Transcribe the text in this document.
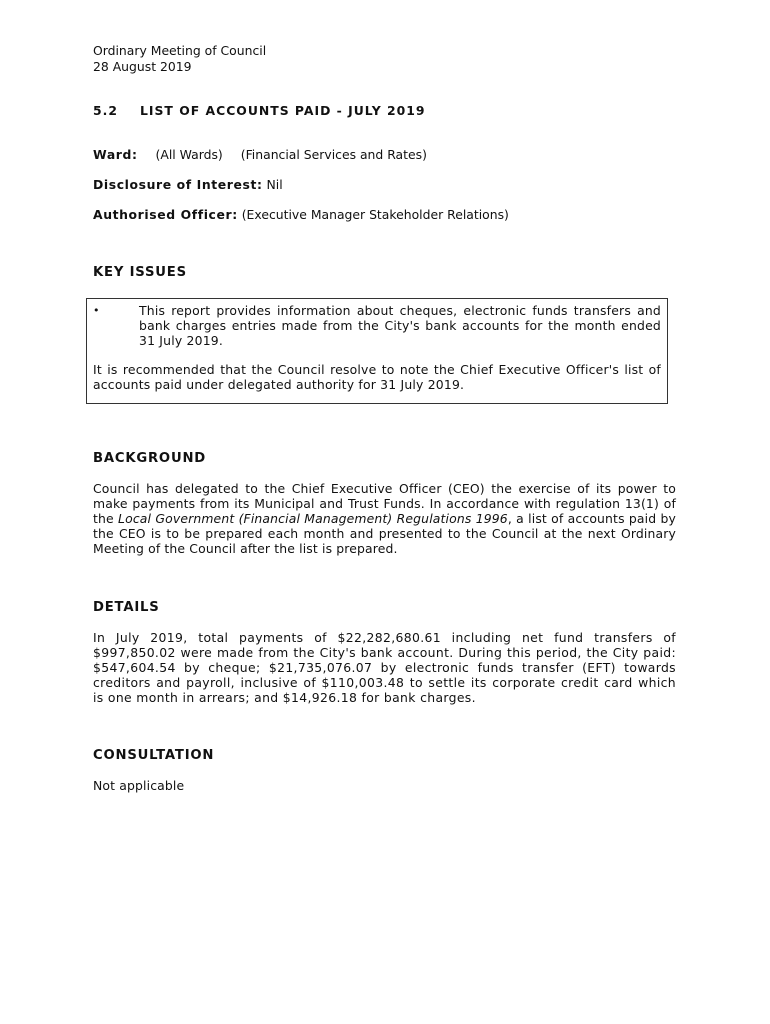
Ordinary Meeting of Council
28 August 2019
5.2 LIST OF ACCOUNTS PAID - JULY 2019
Ward: (All Wards) (Financial Services and Rates)
Disclosure of Interest: Nil
Authorised Officer: (Executive Manager Stakeholder Relations)
KEY ISSUES
•	This report provides information about cheques, electronic funds transfers and bank charges entries made from the City's bank accounts for the month ended 31 July 2019.
It is recommended that the Council resolve to note the Chief Executive Officer's list of accounts paid under delegated authority for 31 July 2019.
BACKGROUND
Council has delegated to the Chief Executive Officer (CEO) the exercise of its power to make payments from its Municipal and Trust Funds. In accordance with regulation 13(1) of the Local Government (Financial Management) Regulations 1996, a list of accounts paid by the CEO is to be prepared each month and presented to the Council at the next Ordinary Meeting of the Council after the list is prepared.
DETAILS
In July 2019, total payments of $22,282,680.61 including net fund transfers of $997,850.02 were made from the City's bank account. During this period, the City paid: $547,604.54 by cheque; $21,735,076.07 by electronic funds transfer (EFT) towards creditors and payroll, inclusive of $110,003.48 to settle its corporate credit card which is one month in arrears; and $14,926.18 for bank charges.
CONSULTATION
Not applicable
